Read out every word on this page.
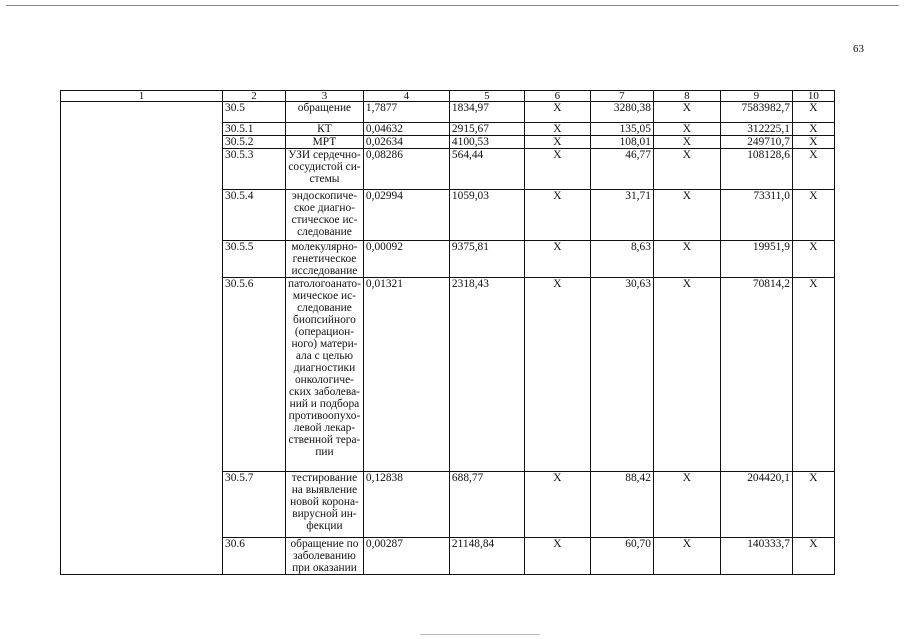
63
1	2	3	4	5	6	7	8	9	10
	30.5	обращение	1,7877	1834,97	X	3280,38	X	7583982,7	X
	30.5.1	КТ	0,04632	2915,67	X	135,05	X	312225,1	X
	30.5.2	МРТ	0,02634	4100,53	X	108,01	X	249710,7	X
	30.5.3	УЗИ сердечно-сосудистой си-стемы	0,08286	564,44	X	46,77	X	108128,6	X
	30.5.4	эндоскопиче-ское диагно-стическое ис-следование	0,02994	1059,03	X	31,71	X	73311,0	X
	30.5.5	молекулярно-генетическое исследование	0,00092	9375,81	X	8,63	X	19951,9	X
	30.5.6	патологоанато-мическое ис-следование биопсийного (операцион-ного) матери-ала с целью диагностики онкологиче-ских заболева-ний и подбора противоопухо-левой лекар-ственной тера-пии	0,01321	2318,43	X	30,63	X	70814,2	X
	30.5.7	тестирование на выявление новой корона-вирусной ин-фекции	0,12838	688,77	X	88,42	X	204420,1	X
	30.6	обращение по заболеванию при оказании	0,00287	21148,84	X	60,70	X	140333,7	X
